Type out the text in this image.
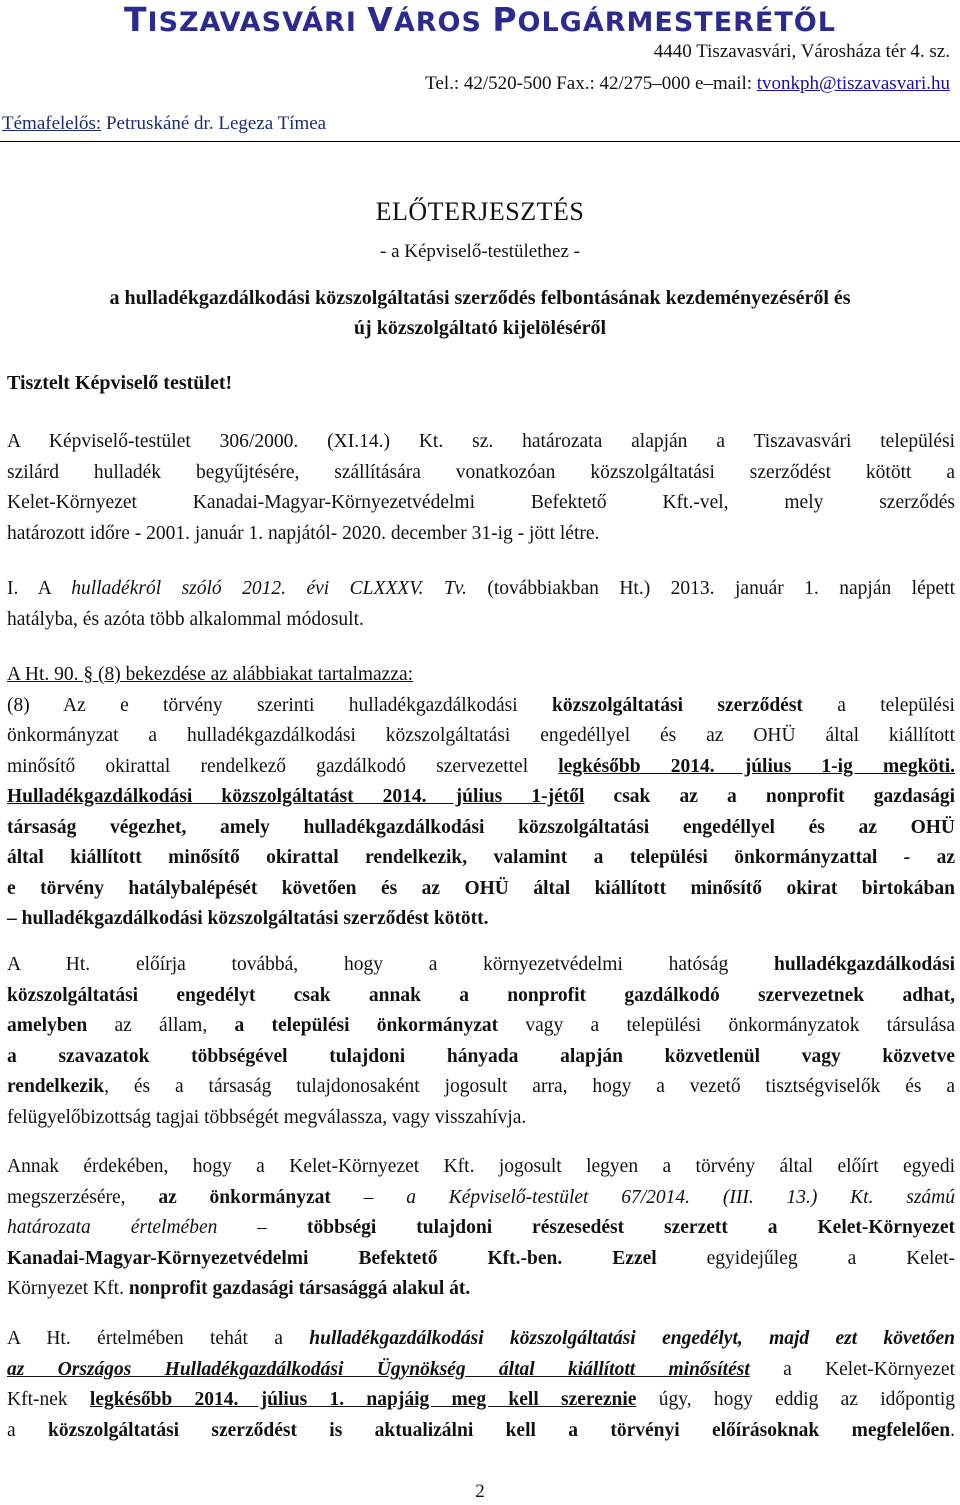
TISZAVASVÁRI VÁROS POLGÁRMESTERÉTŐL
4440 Tiszavasvári, Városháza tér 4. sz.
Tel.: 42/520-500 Fax.: 42/275–000 e–mail: tvonkph@tiszavasvari.hu
Témafelelős: Petruskáné dr. Legeza Tímea
ELŐTERJESZTÉS
- a Képviselő-testülethez -
a hulladékgazdálkodási közszolgáltatási szerződés felbontásának kezdeményezéséről és
új közszolgáltató kijelöléséről
Tisztelt Képviselő testület!
A Képviselő-testület 306/2000. (XI.14.) Kt. sz. határozata alapján a Tiszavasvári települési
szilárd hulladék begyűjtésére, szállítására vonatkozóan közszolgáltatási szerződést kötött a
Kelet-Környezet Kanadai-Magyar-Környezetvédelmi Befektető Kft.-vel, mely szerződés
határozott időre - 2001. január 1. napjától- 2020. december 31-ig - jött létre.
I. A hulladékról szóló 2012. évi CLXXXV. Tv. (továbbiakban Ht.) 2013. január 1. napján lépett
hatályba, és azóta több alkalommal módosult.
A Ht. 90. § (8) bekezdése az alábbiakat tartalmazza:
(8) Az e törvény szerinti hulladékgazdálkodási közszolgáltatási szerződést a települési
önkormányzat a hulladékgazdálkodási közszolgáltatási engedéllyel és az OHÜ által kiállított
minősítő okirattal rendelkező gazdálkodó szervezettel legkésőbb 2014. július 1-ig megköti.
Hulladékgazdálkodási közszolgáltatást 2014. július 1-jétől csak az a nonprofit gazdasági
társaság végezhet, amely hulladékgazdálkodási közszolgáltatási engedéllyel és az OHÜ
által kiállított minősítő okirattal rendelkezik, valamint a települési önkormányzattal - az
e törvény hatálybalépését követően és az OHÜ által kiállított minősítő okirat birtokában
– hulladékgazdálkodási közszolgáltatási szerződést kötött.
A Ht. előírja továbbá, hogy a környezetvédelmi hatóság hulladékgazdálkodási
közszolgáltatási engedélyt csak annak a nonprofit gazdálkodó szervezetnek adhat,
amelyben az állam, a települési önkormányzat vagy a települési önkormányzatok társulása
a szavazatok többségével tulajdoni hányada alapján közvetlenül vagy közvetve
rendelkezik, és a társaság tulajdonosaként jogosult arra, hogy a vezető tisztségviselők és a
felügyelőbizottság tagjai többségét megválassza, vagy visszahívja.
Annak érdekében, hogy a Kelet-Környezet Kft. jogosult legyen a törvény által előírt egyedi
megszerzésére, az önkormányzat – a Képviselő-testület 67/2014. (III. 13.) Kt. számú
határozata értelmében – többségi tulajdoni részesedést szerzett a Kelet-Környezet
Kanadai-Magyar-Környezetvédelmi Befektető Kft.-ben. Ezzel egyidejűleg a Kelet-
Környezet Kft. nonprofit gazdasági társasággá alakul át.
A Ht. értelmében tehát a hulladékgazdálkodási közszolgáltatási engedélyt, majd ezt követően
az Országos Hulladékgazdálkodási Ügynökség által kiállított minősítést a Kelet-Környezet
Kft-nek legkésőbb 2014. július 1. napjáig meg kell szereznie úgy, hogy eddig az időpontig
a közszolgáltatási szerződést is aktualizálni kell a törvényi előírásoknak megfelelően.
2
